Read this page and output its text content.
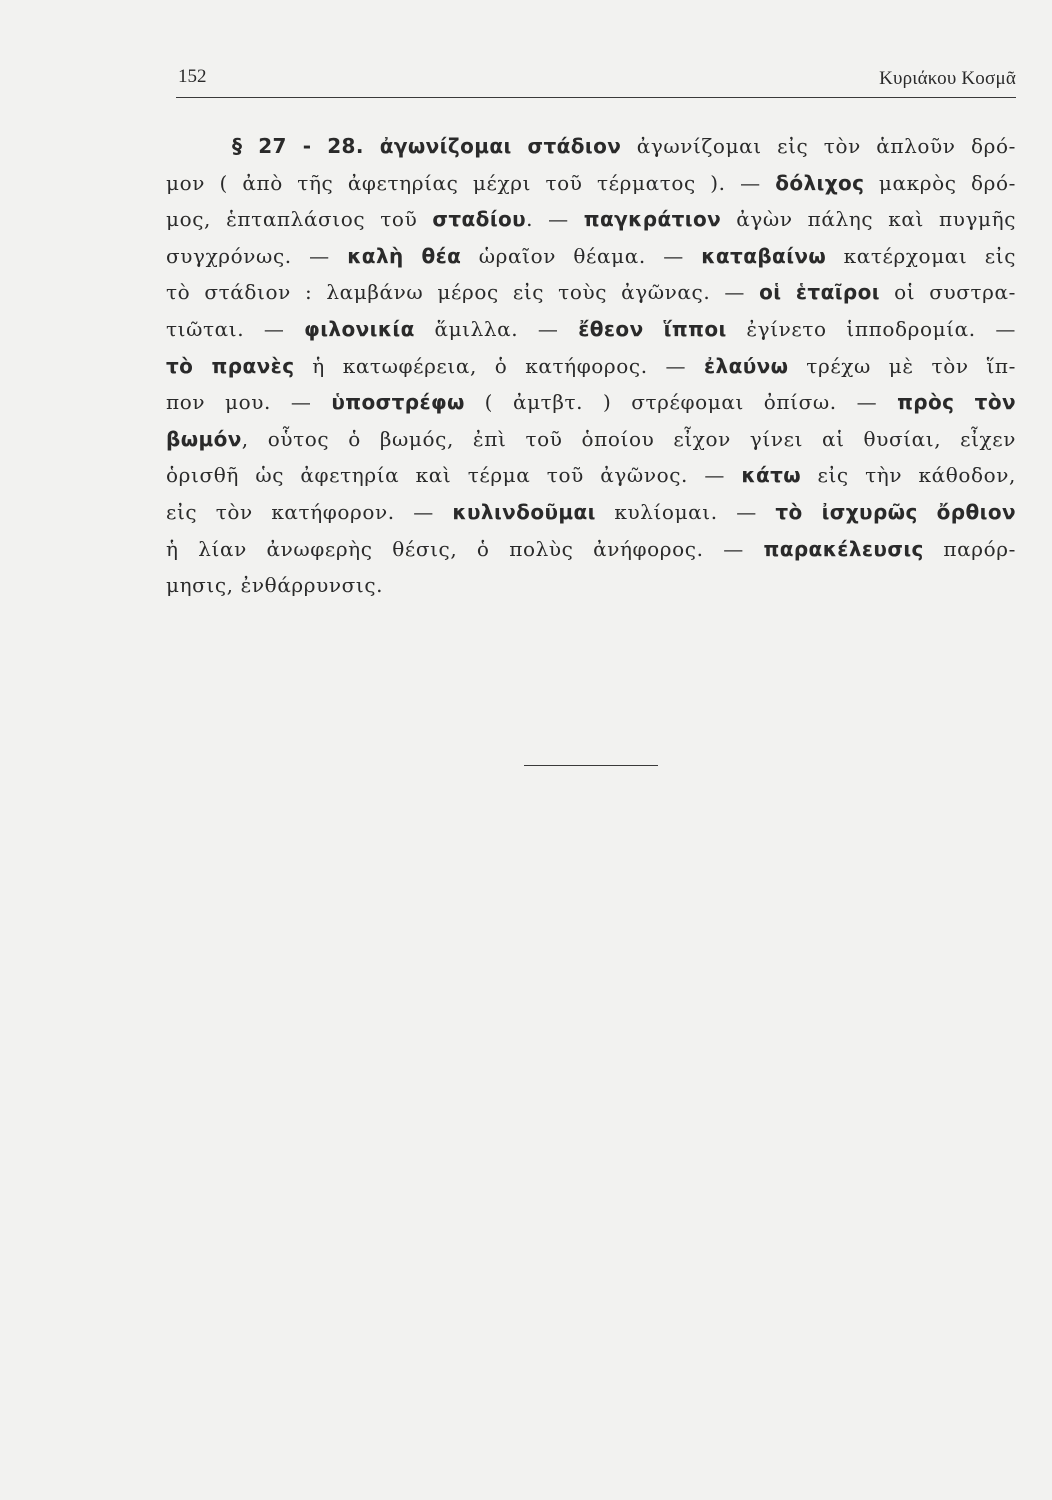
152	Κυριάκου Κοσμᾶ
§ 27 - 28. ἀγωνίζομαι στάδιον ἀγωνίζομαι εἰς τὸν ἁπλοῦν δρό-
μον ( ἀπὸ τῆς ἀφετηρίας μέχρι τοῦ τέρματος ). — δόλιχος μακρὸς δρό-
μος, ἑπταπλάσιος τοῦ σταδίου. — παγκράτιον ἀγὼν πάλης καὶ πυγμῆς
συγχρόνως. — καλὴ θέα ὡραῖον θέαμα. — καταβαίνω κατέρχομαι εἰς
τὸ στάδιον : λαμβάνω μέρος εἰς τοὺς ἀγῶνας. — οἱ ἑταῖροι οἱ συστρα-
τιῶται. — φιλονικία ἅμιλλα. — ἔθεον ἵπποι ἐγίνετο ἱπποδρομία. —
τὸ πρανὲς ἡ κατωφέρεια, ὁ κατήφορος. — ἐλαύνω τρέχω μὲ τὸν ἵπ-
πον μου. — ὑποστρέφω ( ἀμτβτ. ) στρέφομαι ὀπίσω. — πρὸς τὸν
βωμόν, οὗτος ὁ βωμός, ἐπὶ τοῦ ὁποίου εἶχον γίνει αἱ θυσίαι, εἶχεν
ὁρισθῆ ὡς ἀφετηρία καὶ τέρμα τοῦ ἀγῶνος. — κάτω εἰς τὴν κάθοδον,
εἰς τὸν κατήφορον. — κυλινδοῦμαι κυλίομαι. — τὸ ἰσχυρῶς ὄρθιον
ἡ λίαν ἀνωφερὴς θέσις, ὁ πολὺς ἀνήφορος. — παρακέλευσις παρόρ-
μησις, ἐνθάρρυνσις.
